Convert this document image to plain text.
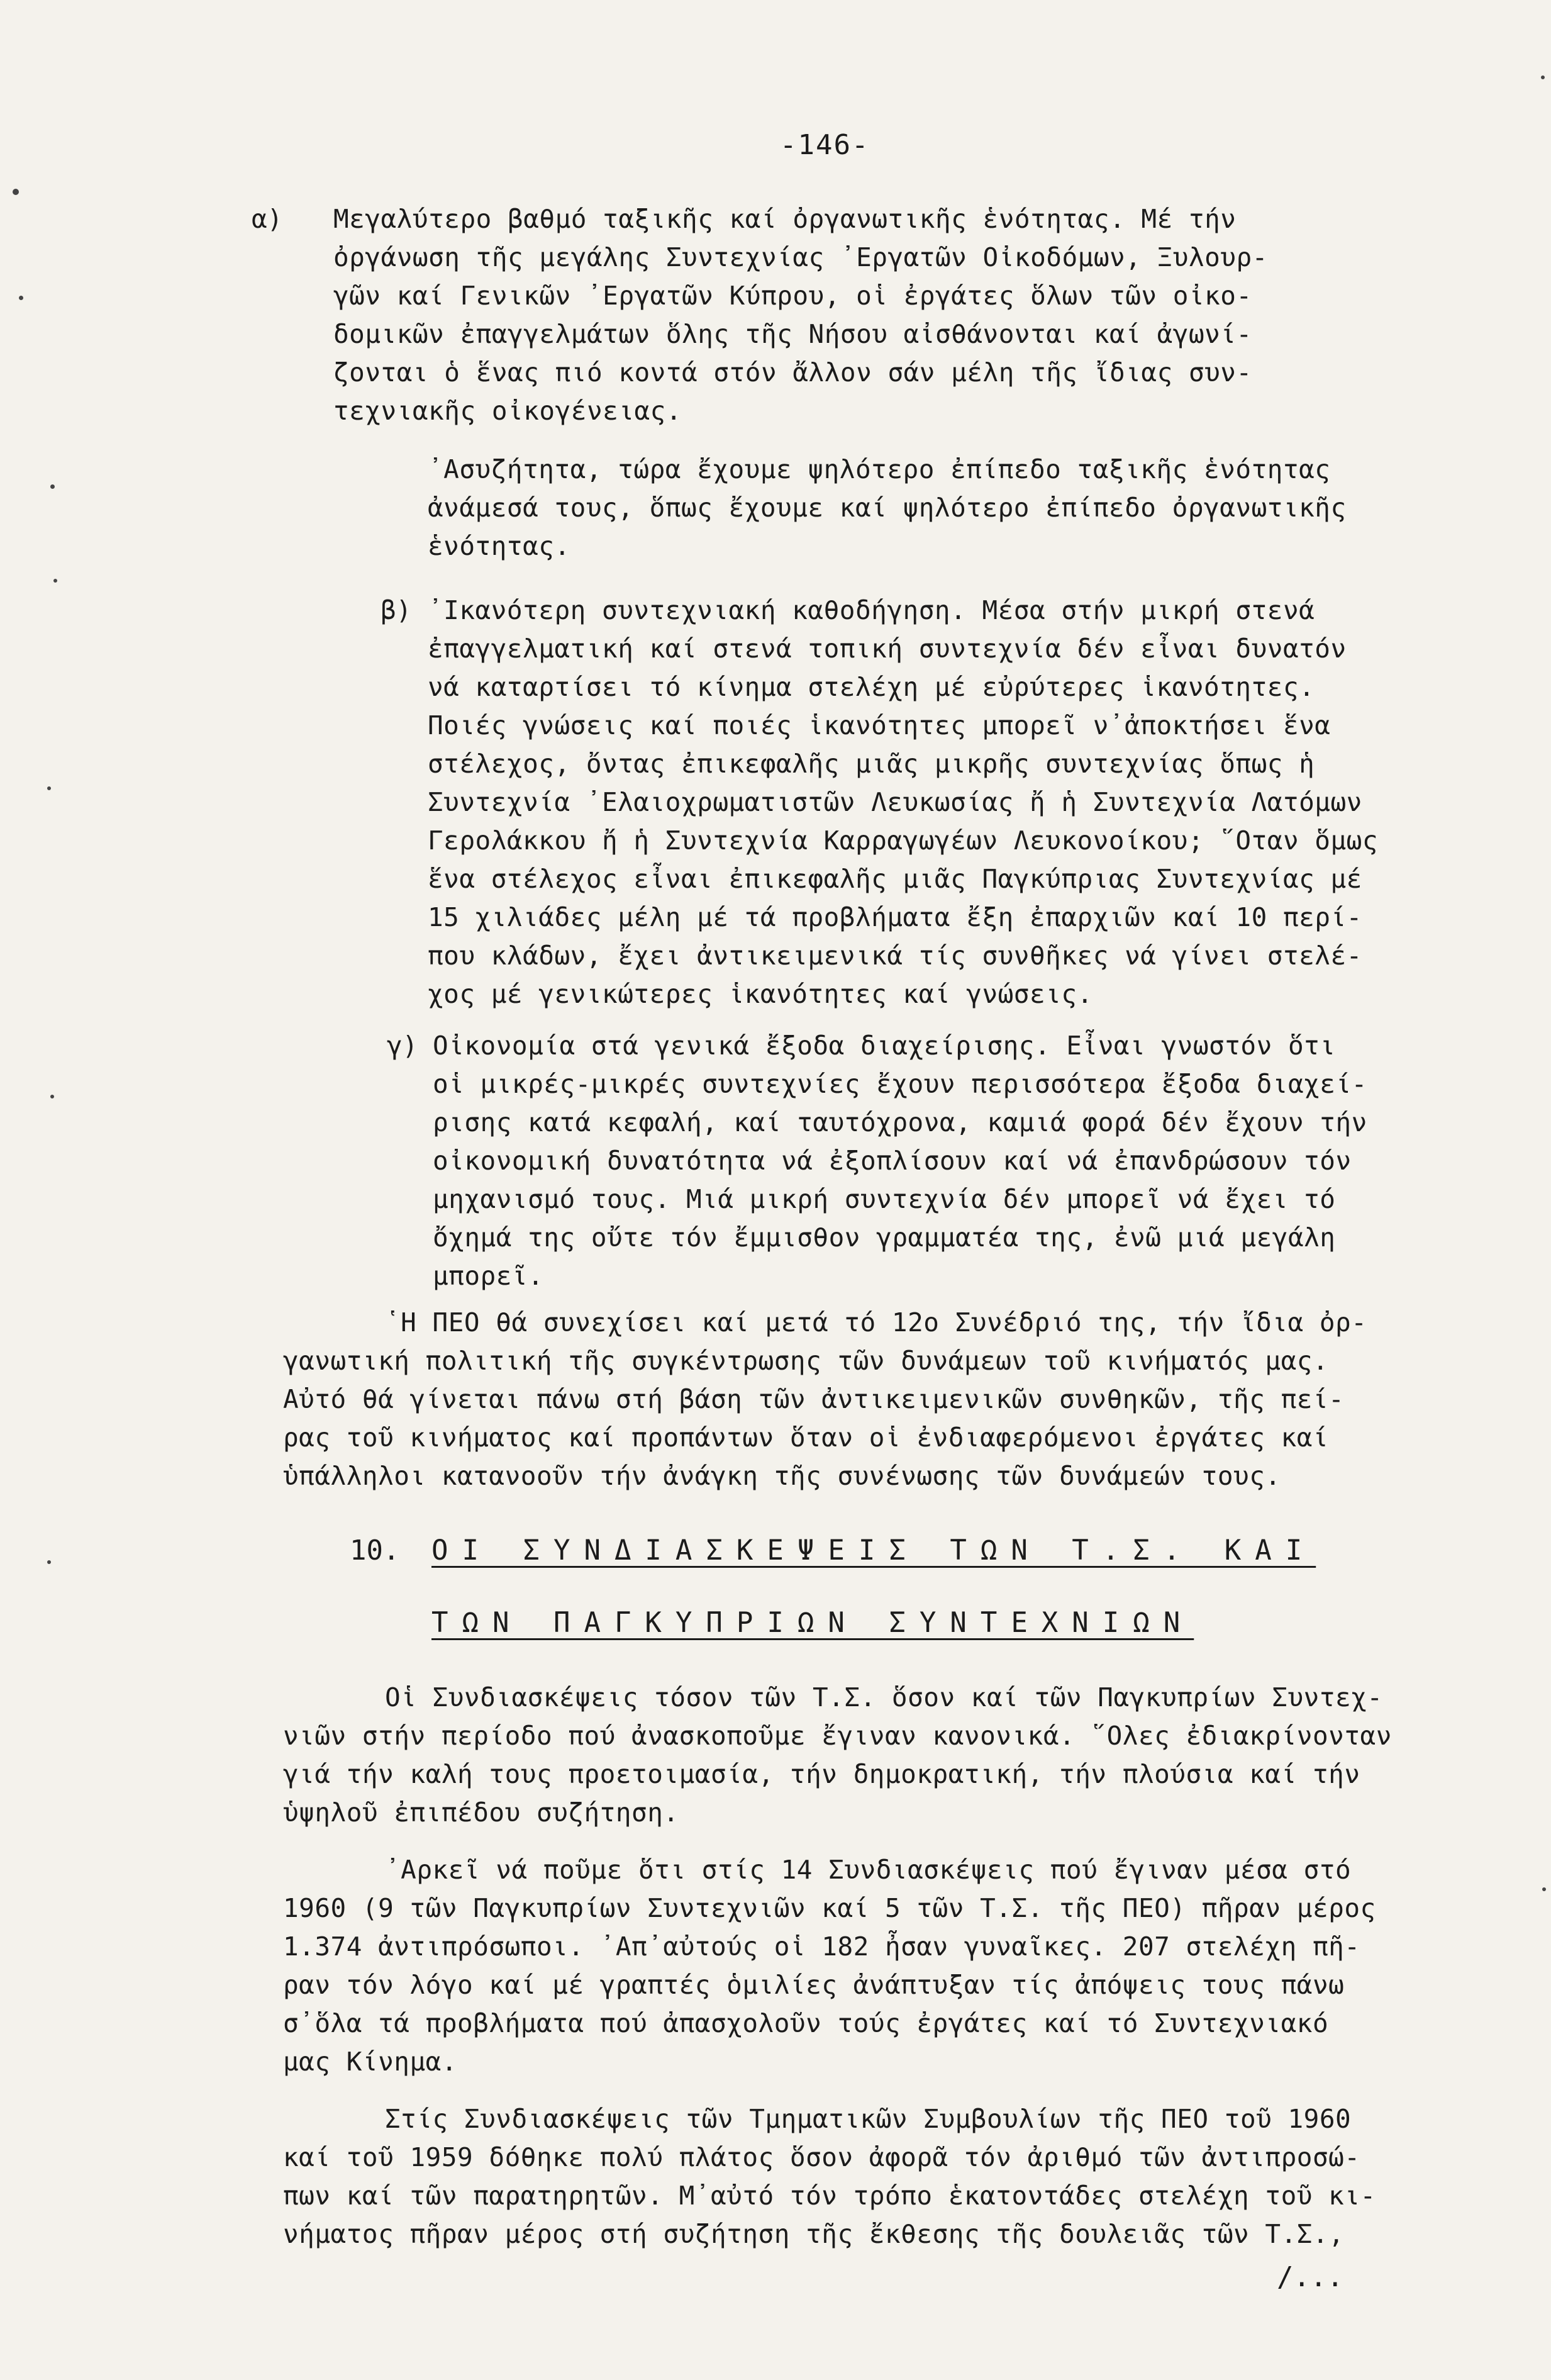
-146-
α) Μεγαλύτερο βαθμό ταξικῆς καί ὀργανωτικῆς ἑνότητας. Μέ τήν
ὀργάνωση τῆς μεγάλης Συντεχνίας ᾽Εργατῶν Οἰκοδόμων, Ξυλουρ-
γῶν καί Γενικῶν ᾽Εργατῶν Κύπρου, οἱ ἐργάτες ὅλων τῶν οἰκο-
δομικῶν ἐπαγγελμάτων ὅλης τῆς Νήσου αἰσθάνονται καί ἀγωνί-
ζονται ὁ ἕνας πιό κοντά στόν ἄλλον σάν μέλη τῆς ἴδιας συν-
τεχνιακῆς οἰκογένειας.
᾽Ασυζήτητα, τώρα ἔχουμε ψηλότερο ἐπίπεδο ταξικῆς ἑνότητας
ἀνάμεσά τους, ὅπως ἔχουμε καί ψηλότερο ἐπίπεδο ὀργανωτικῆς
ἑνότητας.
β) ᾽Ικανότερη συντεχνιακή καθοδήγηση. Μέσα στήν μικρή στενά
ἐπαγγελματική καί στενά τοπική συντεχνία δέν εἶναι δυνατόν
νά καταρτίσει τό κίνημα στελέχη μέ εὐρύτερες ἱκανότητες.
Ποιές γνώσεις καί ποιές ἱκανότητες μπορεῖ ν᾽ἀποκτήσει ἕνα
στέλεχος, ὄντας ἐπικεφαλῆς μιᾶς μικρῆς συντεχνίας ὅπως ἡ
Συντεχνία ᾽Ελαιοχρωματιστῶν Λευκωσίας ἤ ἡ Συντεχνία Λατόμων
Γερολάκκου ἤ ἡ Συντεχνία Καρραγωγέων Λευκονοίκου; ῞Οταν ὅμως
ἕνα στέλεχος εἶναι ἐπικεφαλῆς μιᾶς Παγκύπριας Συντεχνίας μέ
15 χιλιάδες μέλη μέ τά προβλήματα ἔξη ἐπαρχιῶν καί 10 περί-
που κλάδων, ἔχει ἀντικειμενικά τίς συνθῆκες νά γίνει στελέ-
χος μέ γενικώτερες ἱκανότητες καί γνώσεις.
γ) Οἰκονομία στά γενικά ἔξοδα διαχείρισης. Εἶναι γνωστόν ὅτι
οἱ μικρές-μικρές συντεχνίες ἔχουν περισσότερα ἔξοδα διαχεί-
ρισης κατά κεφαλή, καί ταυτόχρονα, καμιά φορά δέν ἔχουν τήν
οἰκονομική δυνατότητα νά ἐξοπλίσουν καί νά ἐπανδρώσουν τόν
μηχανισμό τους. Μιά μικρή συντεχνία δέν μπορεῖ νά ἔχει τό
ὄχημά της οὔτε τόν ἔμμισθον γραμματέα της, ἐνῶ μιά μεγάλη
μπορεῖ.
῾Η ΠΕΟ θά συνεχίσει καί μετά τό 12ο Συνέδριό της, τήν ἴδια ὀρ-
γανωτική πολιτική τῆς συγκέντρωσης τῶν δυνάμεων τοῦ κινήματός μας.
Αὐτό θά γίνεται πάνω στή βάση τῶν ἀντικειμενικῶν συνθηκῶν, τῆς πεί-
ρας τοῦ κινήματος καί προπάντων ὅταν οἱ ἐνδιαφερόμενοι ἐργάτες καί
ὑπάλληλοι κατανοοῦν τήν ἀνάγκη τῆς συνένωσης τῶν δυνάμεών τους.
10. ΟΙ ΣΥΝΔΙΑΣΚΕΨΕΙΣ ΤΩΝ Τ.Σ. ΚΑΙ
ΤΩΝ ΠΑΓΚΥΠΡΙΩΝ ΣΥΝΤΕΧΝΙΩΝ
Οἱ Συνδιασκέψεις τόσον τῶν Τ.Σ. ὅσον καί τῶν Παγκυπρίων Συντεχ-
νιῶν στήν περίοδο πού ἀνασκοποῦμε ἔγιναν κανονικά. ῞Ολες ἐδιακρίνονταν
γιά τήν καλή τους προετοιμασία, τήν δημοκρατική, τήν πλούσια καί τήν
ὑψηλοῦ ἐπιπέδου συζήτηση.
᾽Αρκεῖ νά ποῦμε ὅτι στίς 14 Συνδιασκέψεις πού ἔγιναν μέσα στό
1960 (9 τῶν Παγκυπρίων Συντεχνιῶν καί 5 τῶν Τ.Σ. τῆς ΠΕΟ) πῆραν μέρος
1.374 ἀντιπρόσωποι. ᾽Απ᾽αὐτούς οἱ 182 ἦσαν γυναῖκες. 207 στελέχη πῆ-
ραν τόν λόγο καί μέ γραπτές ὁμιλίες ἀνάπτυξαν τίς ἀπόψεις τους πάνω
σ᾽ὅλα τά προβλήματα πού ἀπασχολοῦν τούς ἐργάτες καί τό Συντεχνιακό
μας Κίνημα.
Στίς Συνδιασκέψεις τῶν Τμηματικῶν Συμβουλίων τῆς ΠΕΟ τοῦ 1960
καί τοῦ 1959 δόθηκε πολύ πλάτος ὅσον ἀφορᾶ τόν ἀριθμό τῶν ἀντιπροσώ-
πων καί τῶν παρατηρητῶν. Μ᾽αὐτό τόν τρόπο ἑκατοντάδες στελέχη τοῦ κι-
νήματος πῆραν μέρος στή συζήτηση τῆς ἔκθεσης τῆς δουλειᾶς τῶν Τ.Σ.,
/...
